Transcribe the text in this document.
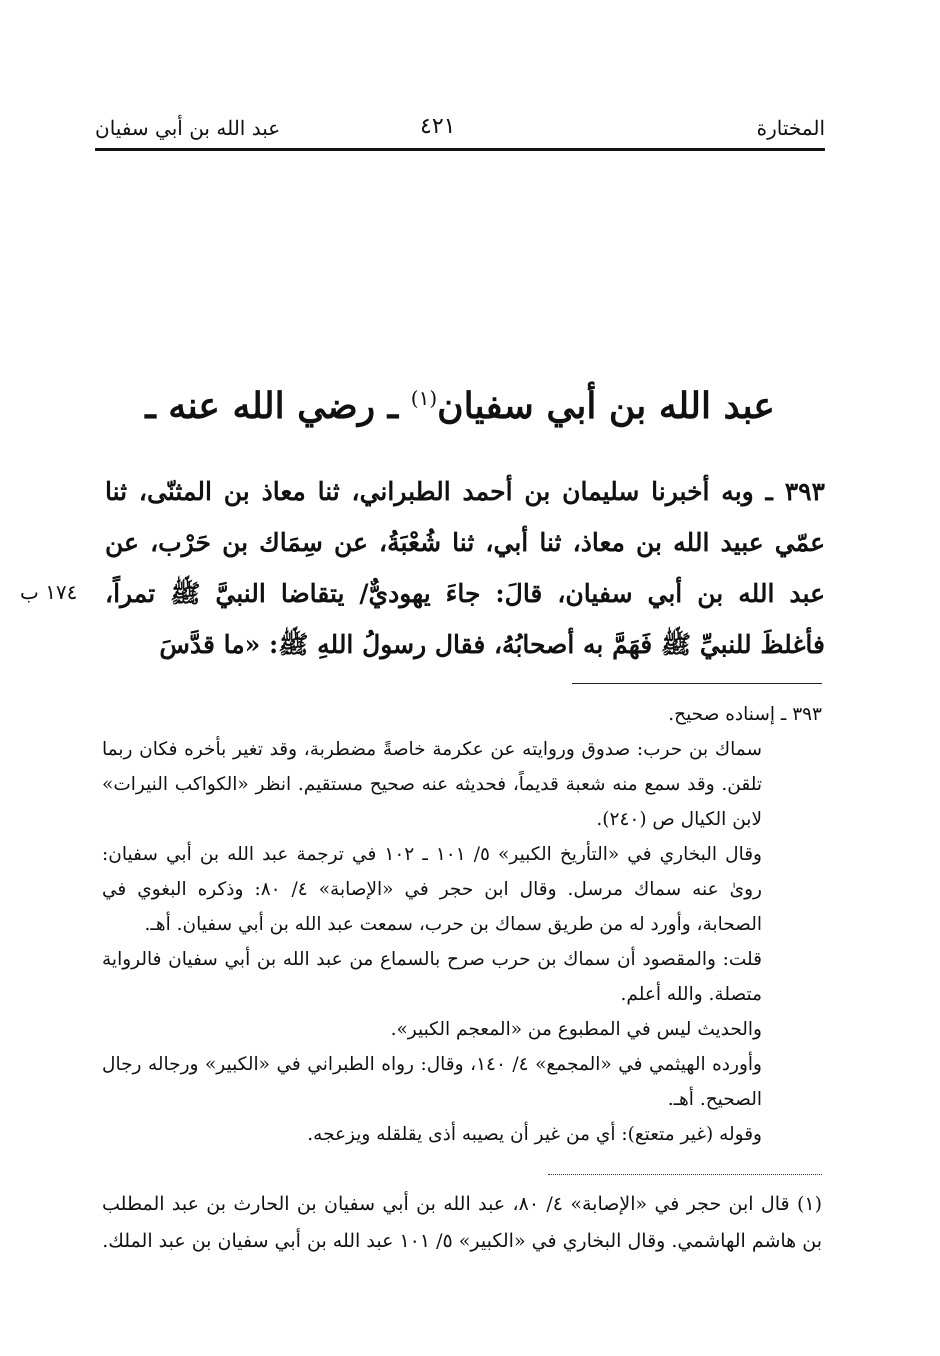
المختارة
٤٢١
عبد الله بن أبي سفيان
عبد الله بن أبي سفيان$^{(١)}$ ـ رضي الله عنه ـ
٣٩٣ ـ وبه أخبرنا سليمان بن أحمد الطبراني، ثنا معاذ بن المثنّى، ثنا عمّي عبيد الله بن معاذ، ثنا أبي، ثنا شُعْبَةُ، عن سِمَاك بن حَرْب، عن عبد الله بن أبي سفيان، قالَ: جاءَ يهوديٌّ/ يتقاضا النبيَّ ﷺ تمراً، فأغلظَ للنبيِّ ﷺ فَهَمَّ به أصحابُهُ، فقال رسولُ اللهِ ﷺ: «ما قدَّسَ
١٧٤ ب

٣٩٣ ـ إسناده صحيح.

سماك بن حرب: صدوق وروايته عن عكرمة خاصةً مضطربة، وقد تغير بأخره فكان ربما تلقن. وقد سمع منه شعبة قديماً، فحديثه عنه صحيح مستقيم. انظر «الكواكب النيرات» لابن الكيال ص (٢٤٠).

وقال البخاري في «التأريخ الكبير» ٥/ ١٠١ ـ ١٠٢ في ترجمة عبد الله بن أبي سفيان: روىٰ عنه سماك مرسل. وقال ابن حجر في «الإصابة» ٤/ ٨٠: وذكره البغوي في الصحابة، وأورد له من طريق سماك بن حرب، سمعت عبد الله بن أبي سفيان. أهـ.

قلت: والمقصود أن سماك بن حرب صرح بالسماع من عبد الله بن أبي سفيان فالرواية متصلة. والله أعلم.

والحديث ليس في المطبوع من «المعجم الكبير».

وأورده الهيثمي في «المجمع» ٤/ ١٤٠، وقال: رواه الطبراني في «الكبير» ورجاله رجال الصحيح. أهـ.

وقوله (غير متعتع): أي من غير أن يصيبه أذى يقلقله ويزعجه.

(١) قال ابن حجر في «الإصابة» ٤/ ٨٠، عبد الله بن أبي سفيان بن الحارث بن عبد المطلب بن هاشم الهاشمي. وقال البخاري في «الكبير» ٥/ ١٠١ عبد الله بن أبي سفيان بن عبد الملك.
